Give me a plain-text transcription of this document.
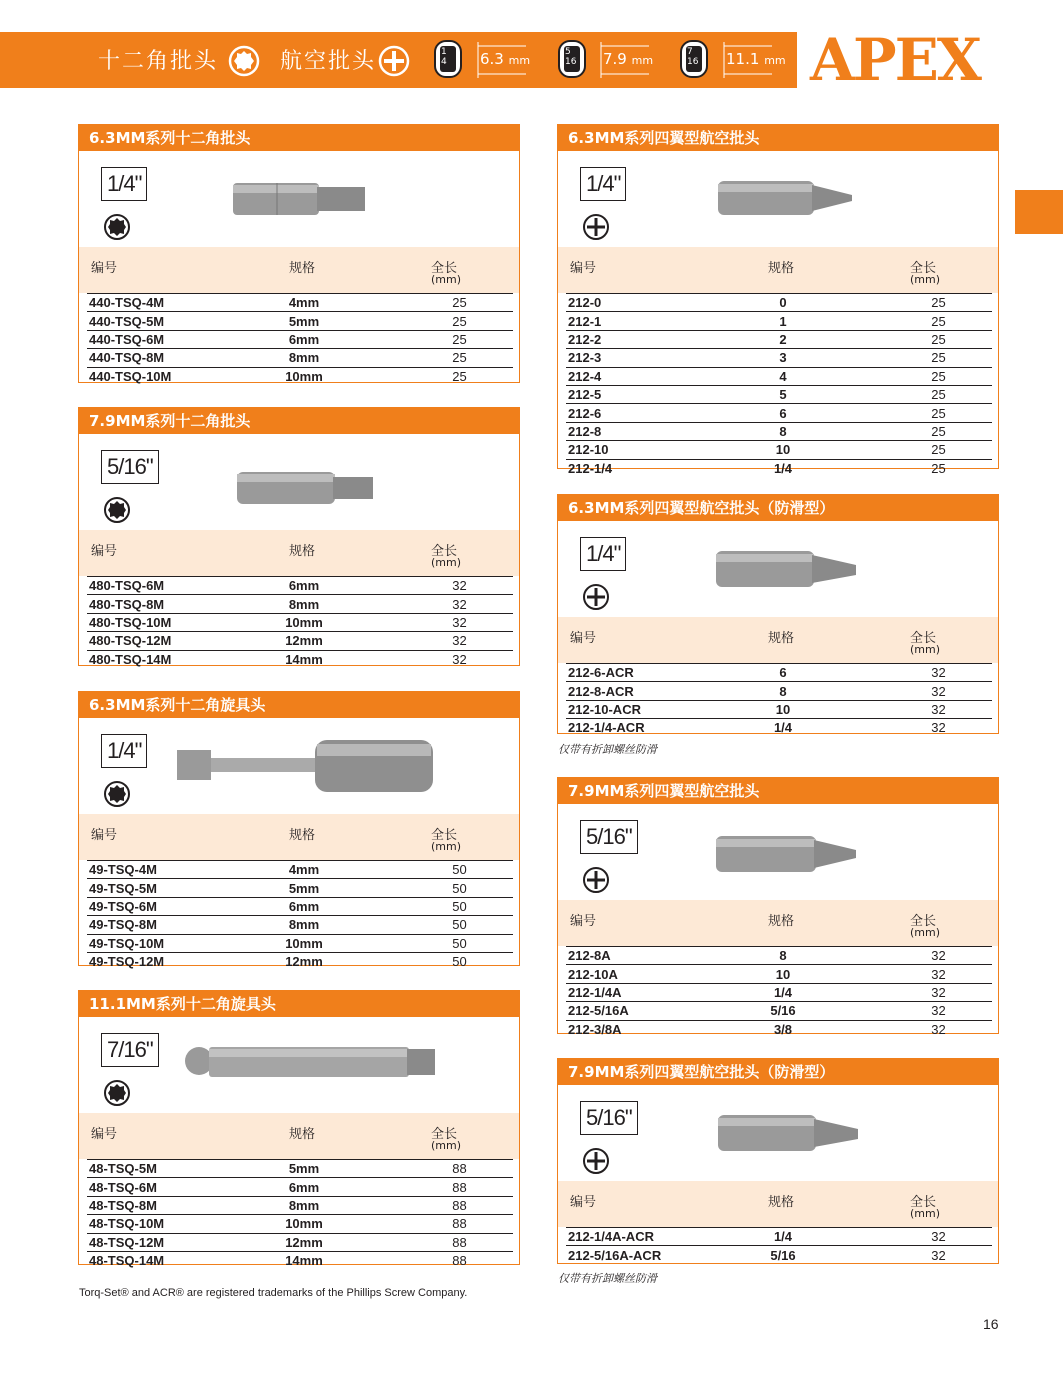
十二角批头	航空批头	1
4 6.3 mm
5
16 7.9 mm
7
16 11.1 mm APEX
6.3MM系列十二角批头
1/4"
编号	规格	全长
(mm)
440-TSQ-4M	4mm	25
440-TSQ-5M	5mm	25
440-TSQ-6M	6mm	25
440-TSQ-8M	8mm	25
440-TSQ-10M	10mm	25
7.9MM系列十二角批头
5/16"
编号	规格	全长
(mm)
480-TSQ-6M	6mm	32
480-TSQ-8M	8mm	32
480-TSQ-10M	10mm	32
480-TSQ-12M	12mm	32
480-TSQ-14M	14mm	32
6.3MM系列十二角旋具头
1/4"
编号	规格	全长
(mm)
49-TSQ-4M	4mm	50
49-TSQ-5M	5mm	50
49-TSQ-6M	6mm	50
49-TSQ-8M	8mm	50
49-TSQ-10M	10mm	50
49-TSQ-12M	12mm	50
11.1MM系列十二角旋具头
7/16"
编号	规格	全长
(mm)
48-TSQ-5M	5mm	88
48-TSQ-6M	6mm	88
48-TSQ-8M	8mm	88
48-TSQ-10M	10mm	88
48-TSQ-12M	12mm	88
48-TSQ-14M	14mm	88
6.3MM系列四翼型航空批头
1/4"
编号	规格	全长
(mm)
212-0	0	25
212-1	1	25
212-2	2	25
212-3	3	25
212-4	4	25
212-5	5	25
212-6	6	25
212-8	8	25
212-10	10	25
212-1/4	1/4	25
6.3MM系列四翼型航空批头（防滑型）
1/4"
编号	规格	全长
(mm)
212-6-ACR	6	32
212-8-ACR	8	32
212-10-ACR	10	32
212-1/4-ACR	1/4	32
仅带有折卸螺丝防滑
7.9MM系列四翼型航空批头
5/16"
编号	规格	全长
(mm)
212-8A	8	32
212-10A	10	32
212-1/4A	1/4	32
212-5/16A	5/16	32
212-3/8A	3/8	32
7.9MM系列四翼型航空批头（防滑型）
5/16"
编号	规格	全长
(mm)
212-1/4A-ACR	1/4	32
212-5/16A-ACR	5/16	32
仅带有折卸螺丝防滑
Torq-Set® and ACR® are registered trademarks of the Phillips Screw Company.
16
